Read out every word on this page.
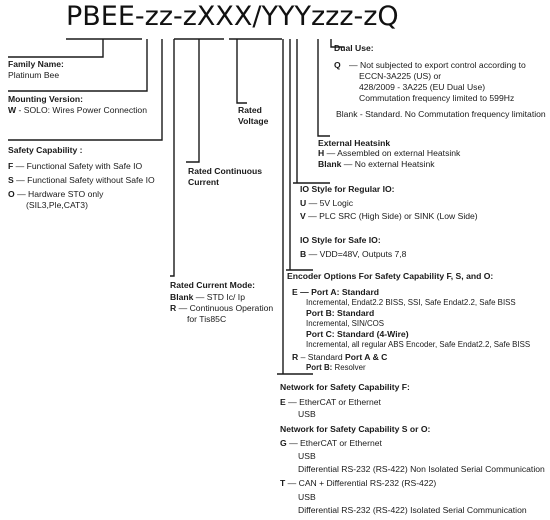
PBEE-zz-zXXX/YYYzzz-zQ
Family Name:
Platinum Bee
Mounting Version:
W - SOLO: Wires Power Connection
Safety Capability :
F — Functional Safety with Safe IO
S — Functional Safety without Safe IO
O — Hardware STO only
(SIL3,Ple,CAT3)
Rated
Voltage
Rated Continuous
Current
Rated Current Mode:
Blank — STD Ic/ Ip
R — Continuous Operation
for Tis85C
Dual Use:
Q — Not subjected to export control according to
ECCN-3A225 (US) or
428/2009 - 3A225 (EU Dual Use)
Commutation frequency limited to 599Hz
Blank - Standard. No Commutation frequency limitation
External Heatsink
H — Assembled on external Heatsink
Blank — No external Heatsink
IO Style for Regular IO:
U — 5V Logic
V — PLC SRC (High Side) or SINK (Low Side)
IO Style for Safe IO:
B — VDD=48V, Outputs 7,8
Encoder Options For Safety Capability F, S, and O:
E — Port A: Standard
Incremental, Endat2.2 BISS, SSI, Safe Endat2.2, Safe BISS
Port B: Standard
Incremental, SIN/COS
Port C: Standard (4-Wire)
Incremental, all regular ABS Encoder, Safe Endat2.2, Safe BISS
R – Standard Port A & C
Port B: Resolver
Network for Safety Capability F:
E — EtherCAT or Ethernet
USB
Network for Safety Capability S or O:
G — EtherCAT or Ethernet
USB
Differential RS-232 (RS-422) Non Isolated Serial Communication
T — CAN + Differential RS-232 (RS-422)
USB
Differential RS-232 (RS-422) Isolated Serial Communication
